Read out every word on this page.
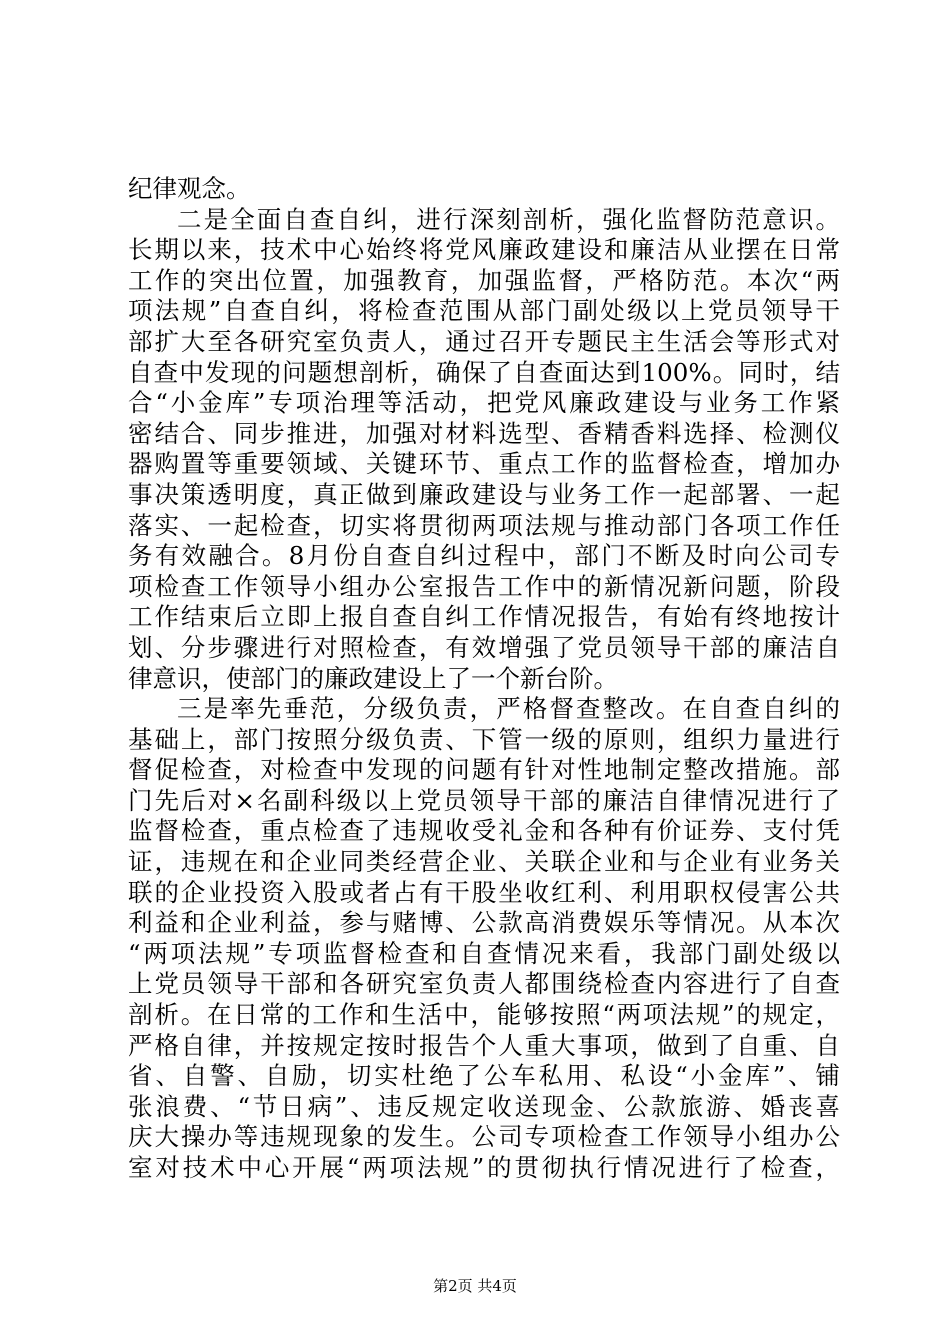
纪律观念。
二是全面自查自纠，进行深刻剖析，强化监督防范意识。
长期以来，技术中心始终将党风廉政建设和廉洁从业摆在日常
工作的突出位置，加强教育，加强监督，严格防范。本次“两
项法规”自查自纠，将检查范围从部门副处级以上党员领导干
部扩大至各研究室负责人，通过召开专题民主生活会等形式对
自查中发现的问题想剖析，确保了自查面达到100%。同时，结
合“小金库”专项治理等活动，把党风廉政建设与业务工作紧
密结合、同步推进，加强对材料选型、香精香料选择、检测仪
器购置等重要领域、关键环节、重点工作的监督检查，增加办
事决策透明度，真正做到廉政建设与业务工作一起部署、一起
落实、一起检查，切实将贯彻两项法规与推动部门各项工作任
务有效融合。8月份自查自纠过程中，部门不断及时向公司专
项检查工作领导小组办公室报告工作中的新情况新问题，阶段
工作结束后立即上报自查自纠工作情况报告，有始有终地按计
划、分步骤进行对照检查，有效增强了党员领导干部的廉洁自
律意识，使部门的廉政建设上了一个新台阶。
三是率先垂范，分级负责，严格督查整改。在自查自纠的
基础上，部门按照分级负责、下管一级的原则，组织力量进行
督促检查，对检查中发现的问题有针对性地制定整改措施。部
门先后对×名副科级以上党员领导干部的廉洁自律情况进行了
监督检查，重点检查了违规收受礼金和各种有价证券、支付凭
证，违规在和企业同类经营企业、关联企业和与企业有业务关
联的企业投资入股或者占有干股坐收红利、利用职权侵害公共
利益和企业利益，参与赌博、公款高消费娱乐等情况。从本次
“两项法规”专项监督检查和自查情况来看，我部门副处级以
上党员领导干部和各研究室负责人都围绕检查内容进行了自查
剖析。在日常的工作和生活中，能够按照“两项法规”的规定，
严格自律，并按规定按时报告个人重大事项，做到了自重、自
省、自警、自励，切实杜绝了公车私用、私设“小金库”、铺
张浪费、“节日病”、违反规定收送现金、公款旅游、婚丧喜
庆大操办等违规现象的发生。公司专项检查工作领导小组办公
室对技术中心开展“两项法规”的贯彻执行情况进行了检查，
第2页 共4页
